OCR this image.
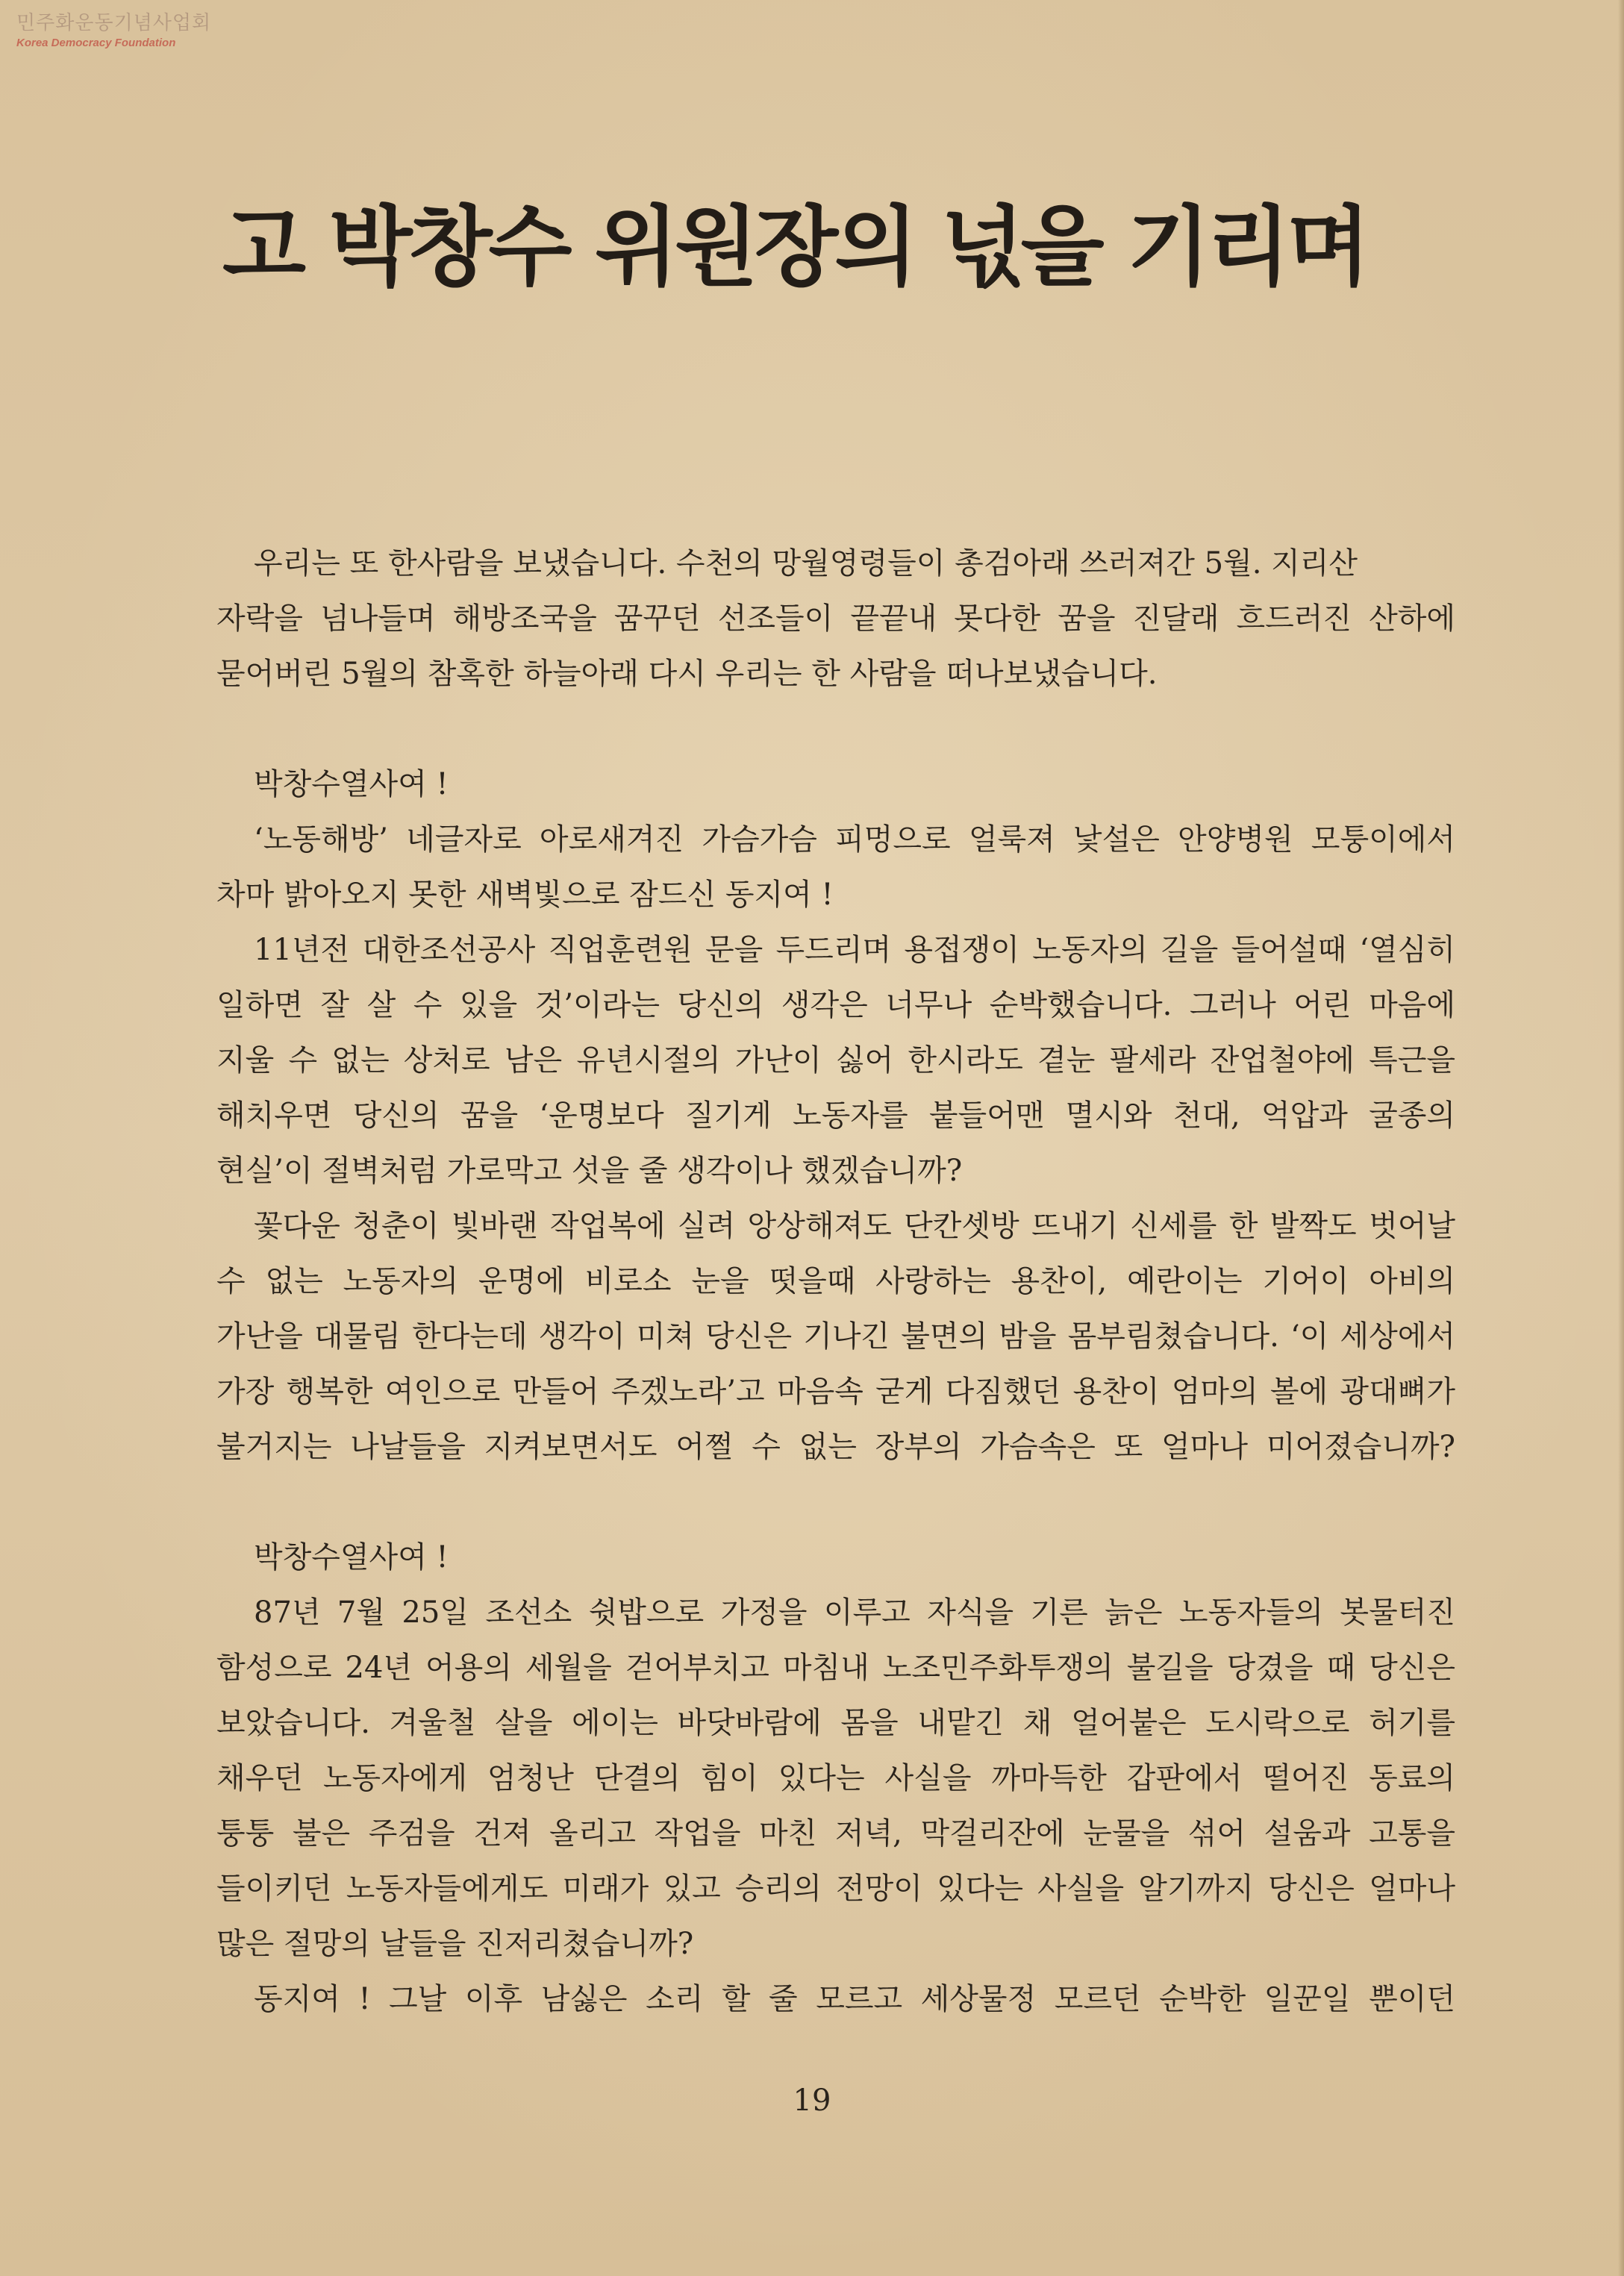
민주화운동기념사업회
Korea Democracy Foundation
고 박창수 위원장의 넋을 기리며
우리는 또 한사람을 보냈습니다. 수천의 망월영령들이 총검아래 쓰러져간 5월. 지리산
자락을 넘나들며 해방조국을 꿈꾸던 선조들이 끝끝내 못다한 꿈을 진달래 흐드러진 산하에
묻어버린 5월의 참혹한 하늘아래 다시 우리는 한 사람을 떠나보냈습니다.
박창수열사여 !
‘노동해방’ 네글자로 아로새겨진 가슴가슴 피멍으로 얼룩져 낯설은 안양병원 모퉁이에서
차마 밝아오지 못한 새벽빛으로 잠드신 동지여 !
11년전 대한조선공사 직업훈련원 문을 두드리며 용접쟁이 노동자의 길을 들어설때 ‘열심히
일하면 잘 살 수 있을 것’이라는 당신의 생각은 너무나 순박했습니다. 그러나 어린 마음에
지울 수 없는 상처로 남은 유년시절의 가난이 싫어 한시라도 곁눈 팔세라 잔업철야에 특근을
해치우면 당신의 꿈을 ‘운명보다 질기게 노동자를 붙들어맨 멸시와 천대, 억압과 굴종의
현실’이 절벽처럼 가로막고 섯을 줄 생각이나 했겠습니까?
꽃다운 청춘이 빛바랜 작업복에 실려 앙상해져도 단칸셋방 뜨내기 신세를 한 발짝도 벗어날
수 없는 노동자의 운명에 비로소 눈을 떳을때 사랑하는 용찬이, 예란이는 기어이 아비의
가난을 대물림 한다는데 생각이 미쳐 당신은 기나긴 불면의 밤을 몸부림쳤습니다. ‘이 세상에서
가장 행복한 여인으로 만들어 주겠노라’고 마음속 굳게 다짐했던 용찬이 엄마의 볼에 광대뼈가
불거지는 나날들을 지켜보면서도 어쩔 수 없는 장부의 가슴속은 또 얼마나 미어졌습니까?
박창수열사여 !
87년 7월 25일 조선소 쉿밥으로 가정을 이루고 자식을 기른 늙은 노동자들의 봇물터진
함성으로 24년 어용의 세월을 걷어부치고 마침내 노조민주화투쟁의 불길을 당겼을 때 당신은
보았습니다. 겨울철 살을 에이는 바닷바람에 몸을 내맡긴 채 얼어붙은 도시락으로 허기를
채우던 노동자에게 엄청난 단결의 힘이 있다는 사실을 까마득한 갑판에서 떨어진 동료의
퉁퉁 불은 주검을 건져 올리고 작업을 마친 저녁, 막걸리잔에 눈물을 섞어 설움과 고통을
들이키던 노동자들에게도 미래가 있고 승리의 전망이 있다는 사실을 알기까지 당신은 얼마나
많은 절망의 날들을 진저리쳤습니까?
동지여 ! 그날 이후 남싫은 소리 할 줄 모르고 세상물정 모르던 순박한 일꾼일 뿐이던
19
